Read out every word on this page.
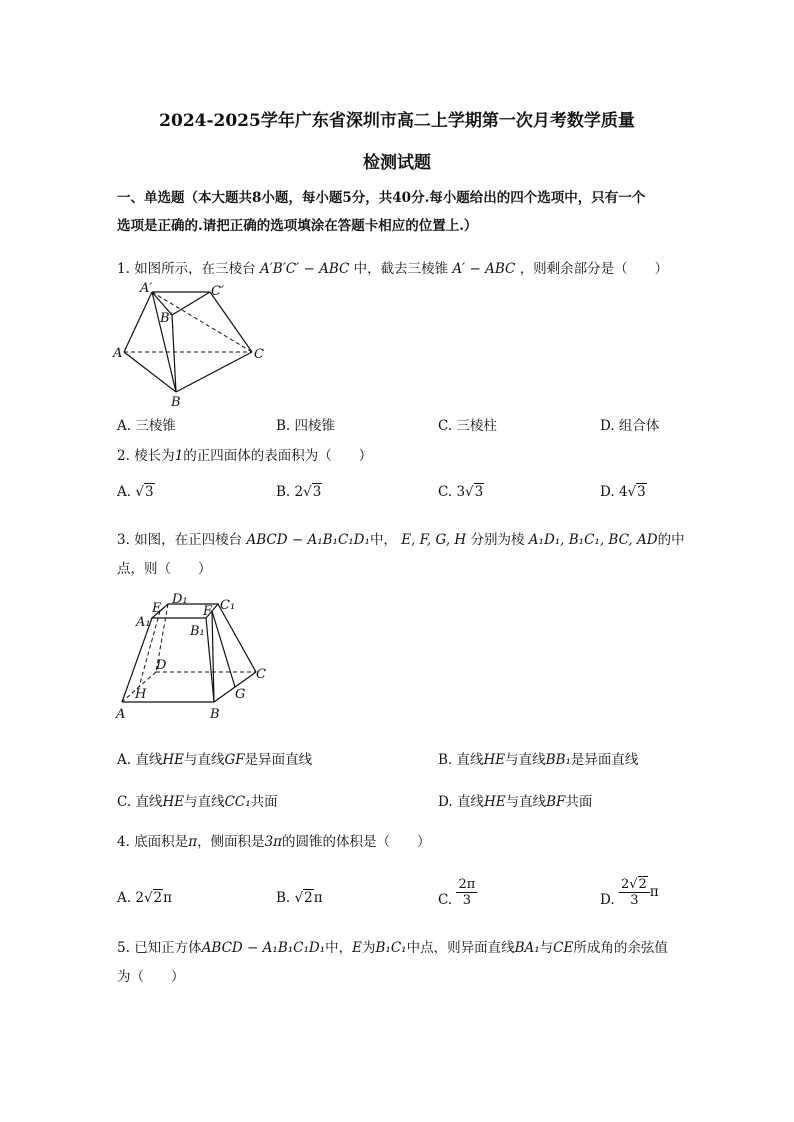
2024-2025学年广东省深圳市高二上学期第一次月考数学质量
检测试题
一、单选题（本大题共8小题，每小题5分，共40分.每小题给出的四个选项中，只有一个
选项是正确的.请把正确的选项填涂在答题卡相应的位置上.）
1. 如图所示，在三棱台 A′B′C′ − ABC 中，截去三棱锥 A′ − ABC ，则剩余部分是（　　）
A′	C′
B′
A	C
B
A. 三棱锥	B. 四棱锥	C. 三棱柱	D. 组合体
2. 棱长为1的正四面体的表面积为（　　）
A. √3	B. 2√3	C. 3√3	D. 4√3
3. 如图，在正四棱台 ABCD − A₁B₁C₁D₁中， E, F, G, H 分别为棱 A₁D₁, B₁C₁, BC, AD的中
点，则（　　）
D₁ C₁
E	F
A₁
B₁
D
C
H	G
A	B
A. 直线HE与直线GF是异面直线	B. 直线HE与直线BB₁是异面直线
C. 直线HE与直线CC₁共面	D. 直线HE与直线BF共面
4. 底面积是π，侧面积是3π的圆锥的体积是（　　）
A. 2√2π	B. √2π	C. $\frac{2\pi}{3}$	D. $\frac{2√2}{3}$ π
5. 已知正方体ABCD − A₁B₁C₁D₁中，E为B₁C₁中点，则异面直线BA₁与CE所成角的余弦值
为（　　）
